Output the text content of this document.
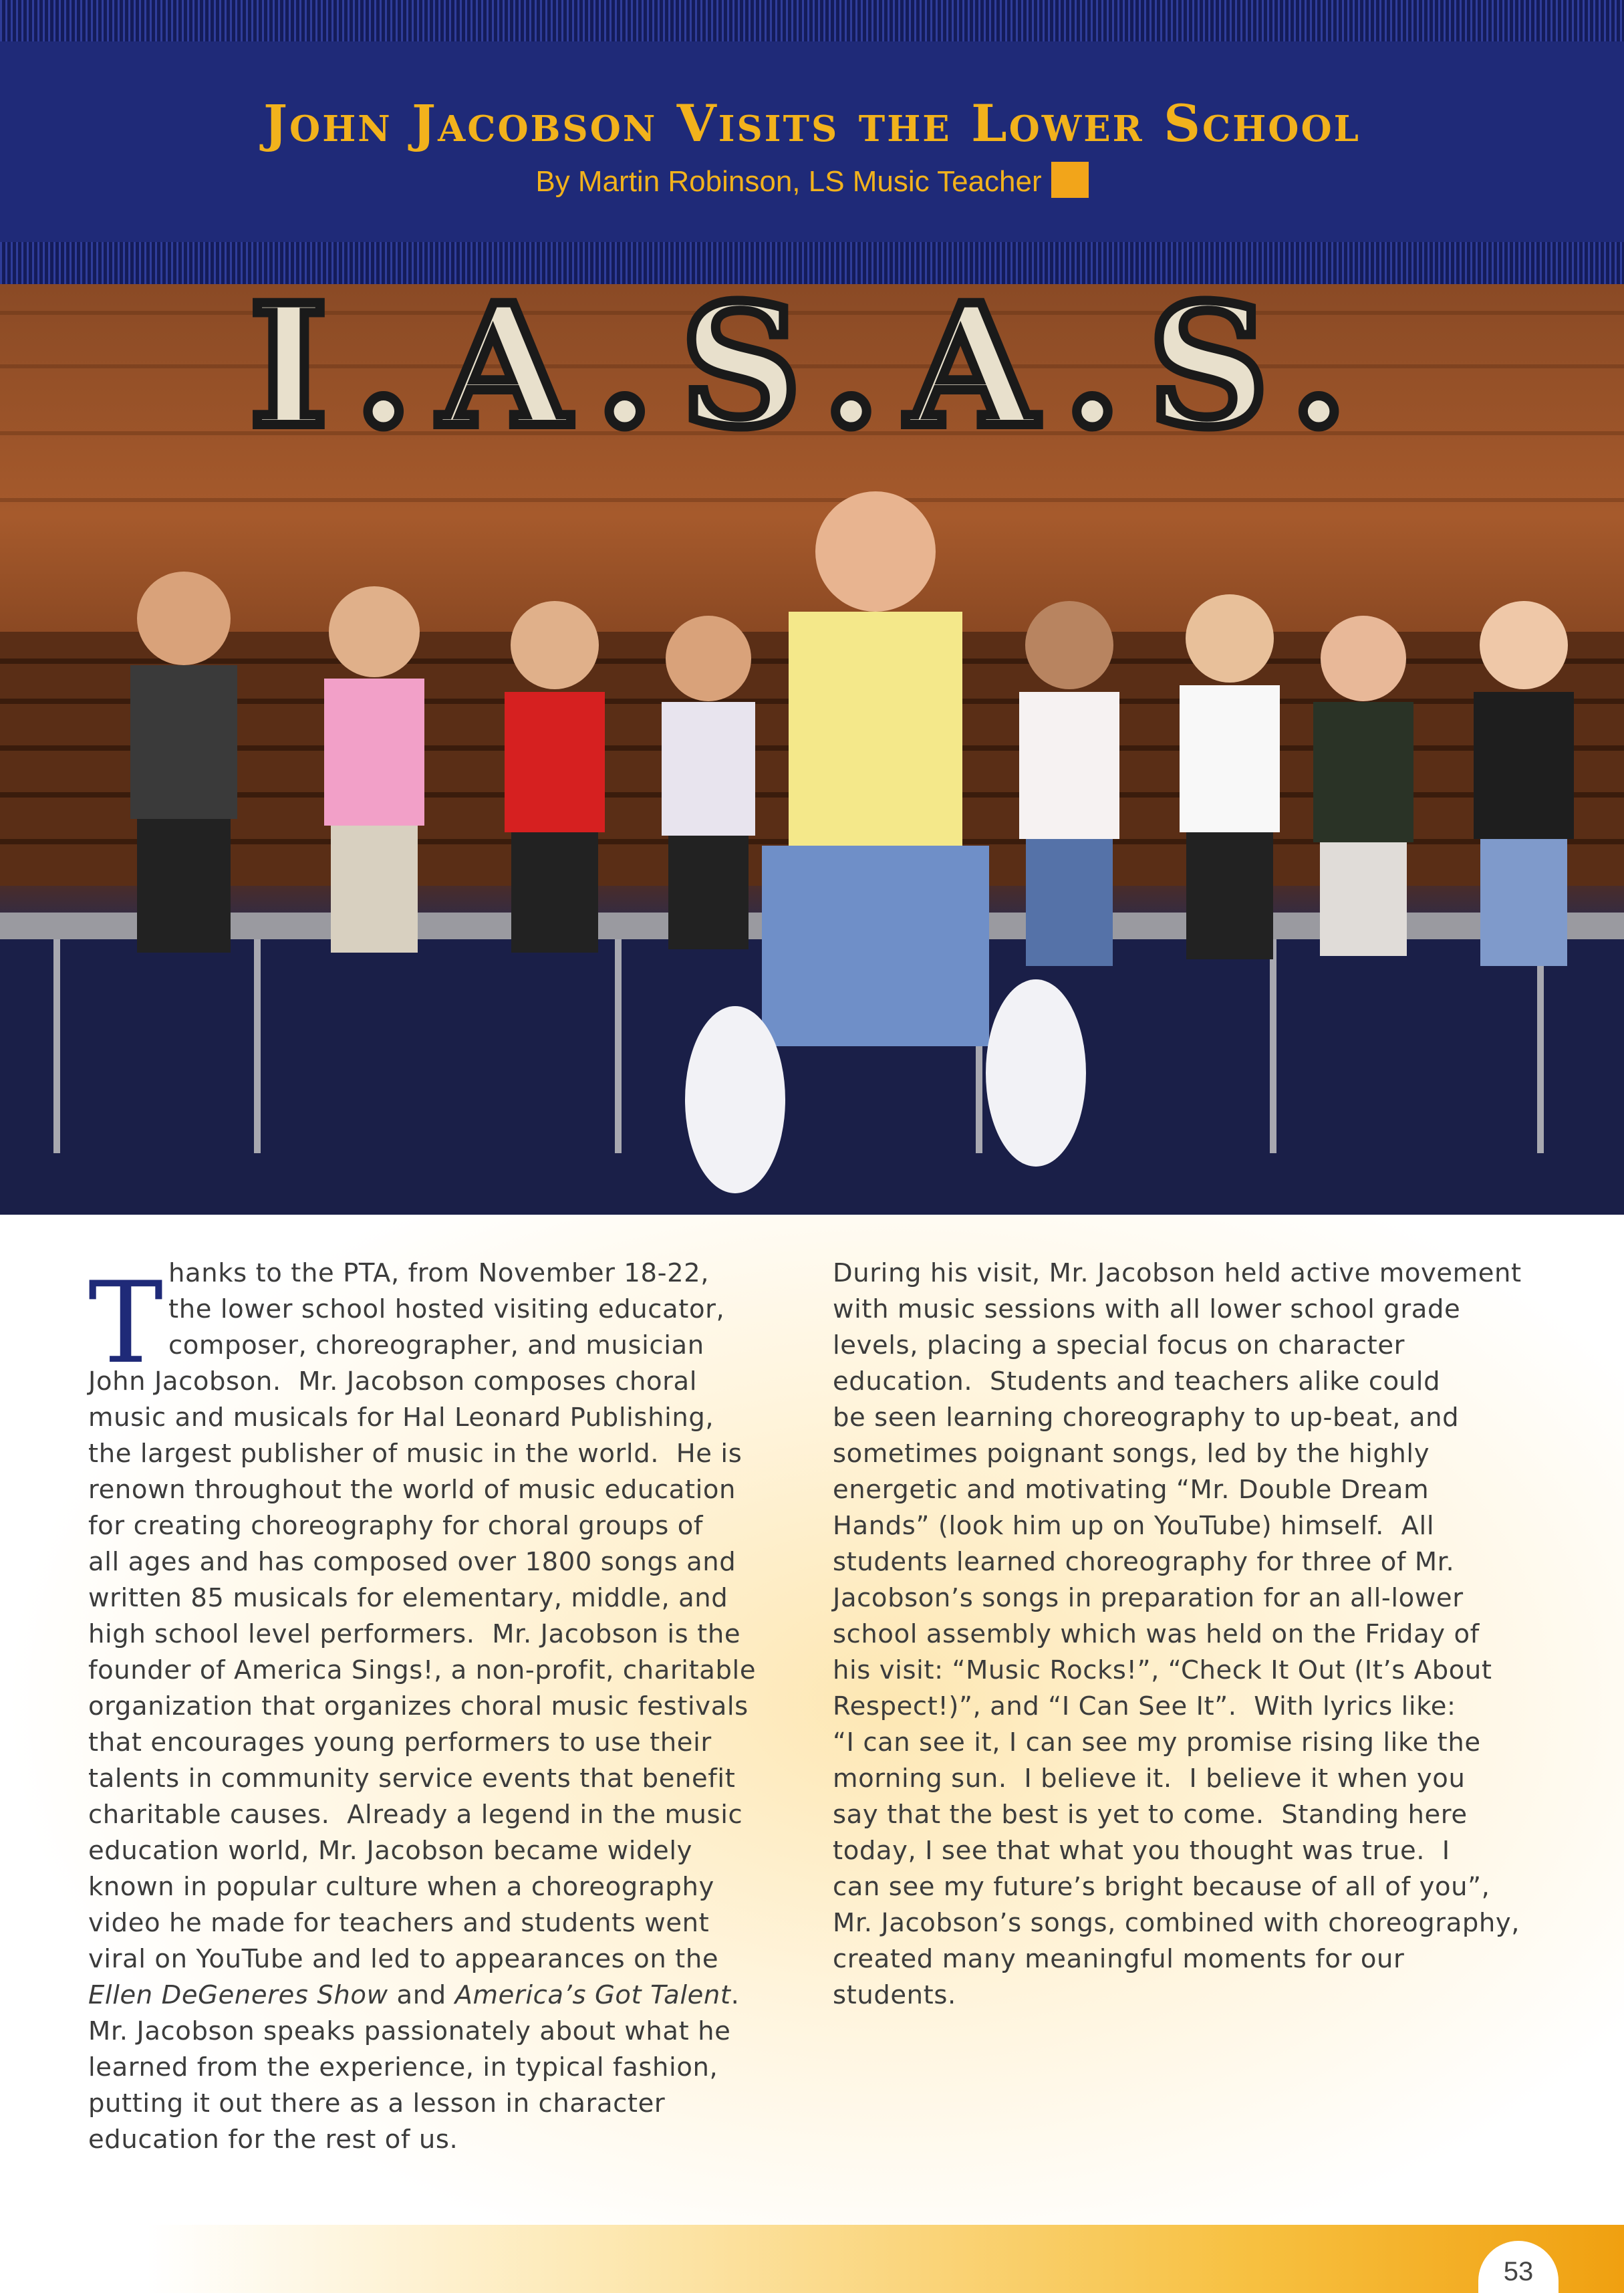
John Jacobson Visits the Lower School
By Martin Robinson, LS Music Teacher
I.A.S.A.S.
T hanks to the PTA, from November 18-22,
the lower school hosted visiting educator,
composer, choreographer, and musician
John Jacobson.  Mr. Jacobson composes choral
music and musicals for Hal Leonard Publishing,
the largest publisher of music in the world.  He is
renown throughout the world of music education
for creating choreography for choral groups of
all ages and has composed over 1800 songs and
written 85 musicals for elementary, middle, and
high school level performers.  Mr. Jacobson is the
founder of America Sings!, a non-profit, charitable
organization that organizes choral music festivals
that encourages young performers to use their
talents in community service events that benefit
charitable causes.  Already a legend in the music
education world, Mr. Jacobson became widely
known in popular culture when a choreography
video he made for teachers and students went
viral on YouTube and led to appearances on the
Ellen DeGeneres Show and America’s Got Talent.
Mr. Jacobson speaks passionately about what he
learned from the experience, in typical fashion,
putting it out there as a lesson in character
education for the rest of us.
During his visit, Mr. Jacobson held active movement
with music sessions with all lower school grade
levels, placing a special focus on character
education.  Students and teachers alike could
be seen learning choreography to up-beat, and
sometimes poignant songs, led by the highly
energetic and motivating “Mr. Double Dream
Hands” (look him up on YouTube) himself.  All
students learned choreography for three of Mr.
Jacobson’s songs in preparation for an all-lower
school assembly which was held on the Friday of
his visit: “Music Rocks!”, “Check It Out (It’s About
Respect!)”, and “I Can See It”.  With lyrics like:
“I can see it, I can see my promise rising like the
morning sun.  I believe it.  I believe it when you
say that the best is yet to come.  Standing here
today, I see that what you thought was true.  I
can see my future’s bright because of all of you”,
Mr. Jacobson’s songs, combined with choreography,
created many meaningful moments for our
students.
53
